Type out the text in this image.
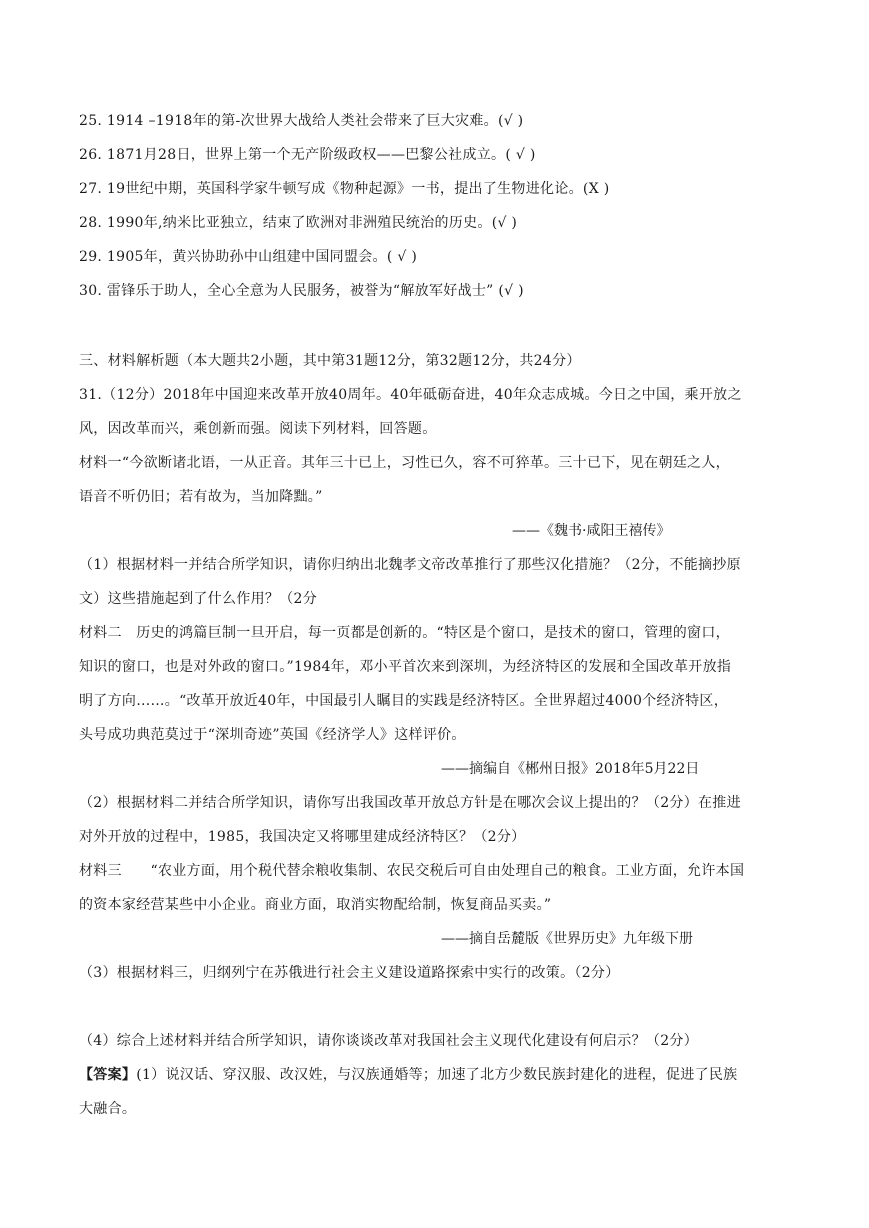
25. 1914 –1918年的第-次世界大战给人类社会带来了巨大灾难。(√ )
26. 1871月28日，世界上第一个无产阶级政权——巴黎公社成立。( √ )
27. 19世纪中期，英国科学家牛顿写成《物种起源》一书，提出了生物进化论。(X )
28. 1990年,纳米比亚独立，结束了欧洲对非洲殖民统治的历史。(√ )
29. 1905年，黄兴协助孙中山组建中国同盟会。( √ )
30. 雷锋乐于助人，全心全意为人民服务，被誉为“解放军好战士” (√ )
三、材料解析题（本大题共2小题，其中第31题12分，第32题12分，共24分）
31.（12分）2018年中国迎来改革开放40周年。40年砥砺奋进，40年众志成城。今日之中国，乘开放之
风，因改革而兴，乘创新而强。阅读下列材料，回答题。
材料一“今欲断诸北语，一从正音。其年三十已上，习性已久，容不可猝革。三十已下，见在朝廷之人，
语音不听仍旧；若有故为，当加降黜。”
——《魏书·咸阳王禧传》
（1）根据材料一并结合所学知识，请你归纳出北魏孝文帝改革推行了那些汉化措施？（2分，不能摘抄原
文）这些措施起到了什么作用？（2分
材料二　历史的鸿篇巨制一旦开启，每一页都是创新的。“特区是个窗口，是技术的窗口，管理的窗口，
知识的窗口，也是对外政的窗口。”1984年，邓小平首次来到深圳，为经济特区的发展和全国改革开放指
明了方向……。“改革开放近40年，中国最引人瞩目的实践是经济特区。全世界超过4000个经济特区，
头号成功典范莫过于“深圳奇迹”英国《经济学人》这样评价。
——摘编自《郴州日报》2018年5月22日
（2）根据材料二并结合所学知识，请你写出我国改革开放总方针是在哪次会议上提出的？（2分）在推进
对外开放的过程中，1985，我国决定又将哪里建成经济特区？（2分）
材料三　　“农业方面，用个税代替余粮收集制、农民交税后可自由处理自己的粮食。工业方面，允许本国
的资本家经营某些中小企业。商业方面，取消实物配给制，恢复商品买卖。”
——摘自岳麓版《世界历史》九年级下册
（3）根据材料三，归纲列宁在苏俄进行社会主义建设道路探索中实行的改策。（2分）
（4）综合上述材料并结合所学知识，请你谈谈改革对我国社会主义现代化建设有何启示？（2分）
【答案】(1）说汉话、穿汉服、改汉姓，与汉族通婚等；加速了北方少数民族封建化的进程，促进了民族
大融合。
